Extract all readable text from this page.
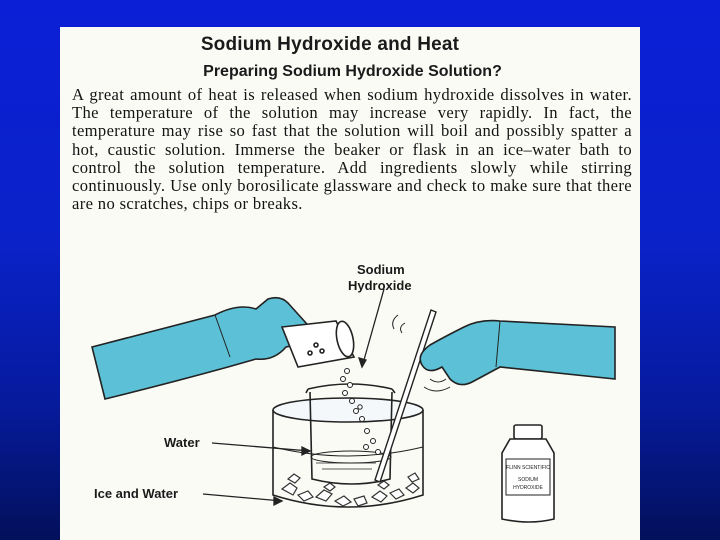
Sodium Hydroxide and Heat
Preparing Sodium Hydroxide Solution?
A great amount of heat is released when sodium hydroxide dissolves in water. The temperature of the solution may increase very rapidly. In fact, the temperature may rise so fast that the solution will boil and possibly spatter a hot, caustic solution. Immerse the beaker or flask in an ice–water bath to control the solution temperature. Add ingredients slowly while stirring continuously. Use only borosilicate glassware and check to make sure that there are no scratches, chips or breaks.
FLINN SCIENTIFIC
SODIUM
HYDROXIDE
Sodium
Hydroxide
Water
Ice and Water
